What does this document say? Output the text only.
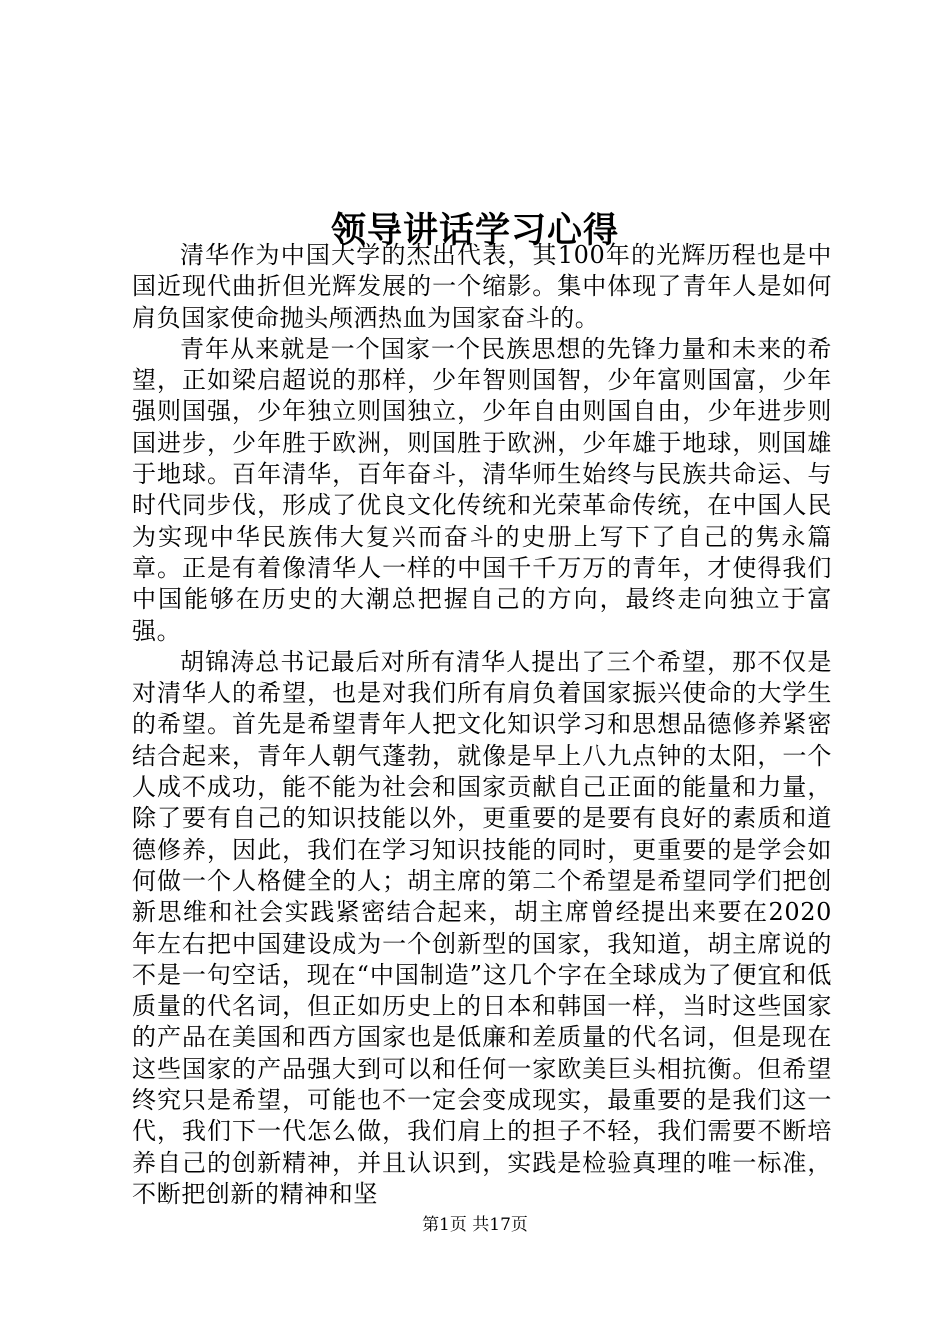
领导讲话学习心得

清华作为中国大学的杰出代表，其100年的光辉历程也是中国近现代曲折但光辉发展的一个缩影。集中体现了青年人是如何肩负国家使命抛头颅洒热血为国家奋斗的。

青年从来就是一个国家一个民族思想的先锋力量和未来的希望，正如梁启超说的那样，少年智则国智，少年富则国富，少年强则国强，少年独立则国独立，少年自由则国自由，少年进步则国进步，少年胜于欧洲，则国胜于欧洲，少年雄于地球，则国雄于地球。百年清华，百年奋斗，清华师生始终与民族共命运、与时代同步伐，形成了优良文化传统和光荣革命传统，在中国人民为实现中华民族伟大复兴而奋斗的史册上写下了自己的隽永篇章。正是有着像清华人一样的中国千千万万的青年，才使得我们中国能够在历史的大潮总把握自己的方向，最终走向独立于富强。

胡锦涛总书记最后对所有清华人提出了三个希望，那不仅是对清华人的希望，也是对我们所有肩负着国家振兴使命的大学生的希望。首先是希望青年人把文化知识学习和思想品德修养紧密结合起来，青年人朝气蓬勃，就像是早上八九点钟的太阳，一个人成不成功，能不能为社会和国家贡献自己正面的能量和力量，除了要有自己的知识技能以外，更重要的是要有良好的素质和道德修养，因此，我们在学习知识技能的同时，更重要的是学会如何做一个人格健全的人；胡主席的第二个希望是希望同学们把创新思维和社会实践紧密结合起来，胡主席曾经提出来要在2020年左右把中国建设成为一个创新型的国家，我知道，胡主席说的不是一句空话，现在“中国制造”这几个字在全球成为了便宜和低质量的代名词，但正如历史上的日本和韩国一样，当时这些国家的产品在美国和西方国家也是低廉和差质量的代名词，但是现在这些国家的产品强大到可以和任何一家欧美巨头相抗衡。但希望终究只是希望，可能也不一定会变成现实，最重要的是我们这一代，我们下一代怎么做，我们肩上的担子不轻，我们需要不断培养自己的创新精神，并且认识到，实践是检验真理的唯一标准，不断把创新的精神和坚

第1页 共17页
